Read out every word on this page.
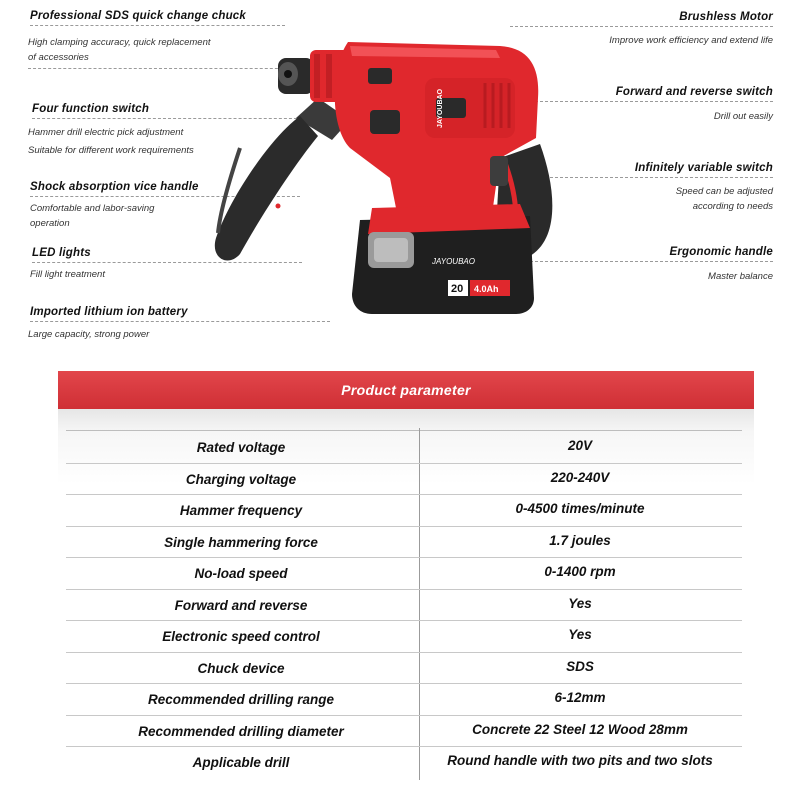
Professional SDS quick change chuck
High clamping accuracy, quick replacement
of accessories
Four function switch
Hammer drill electric pick adjustment
Suitable for different work requirements
Shock absorption vice handle
Comfortable and labor-saving
operation
LED lights
Fill light treatment
Imported lithium ion battery
Large capacity, strong power
Brushless Motor
Improve work efficiency and extend life
Forward and reverse switch
Drill out easily
Infinitely variable switch
Speed can be adjusted
according to needs
Ergonomic handle
Master balance
JAYOUBAO
20 4.0Ah
JAYOUBAO
Product parameter
Rated voltage	20V
Charging voltage	220-240V
Hammer frequency	0-4500 times/minute
Single hammering force	1.7 joules
No-load speed	0-1400 rpm
Forward and reverse	Yes
Electronic speed control	Yes
Chuck device	SDS
Recommended drilling range	6-12mm
Recommended drilling diameter	Concrete 22 Steel 12 Wood 28mm
Applicable drill	Round handle with two pits and two slots
